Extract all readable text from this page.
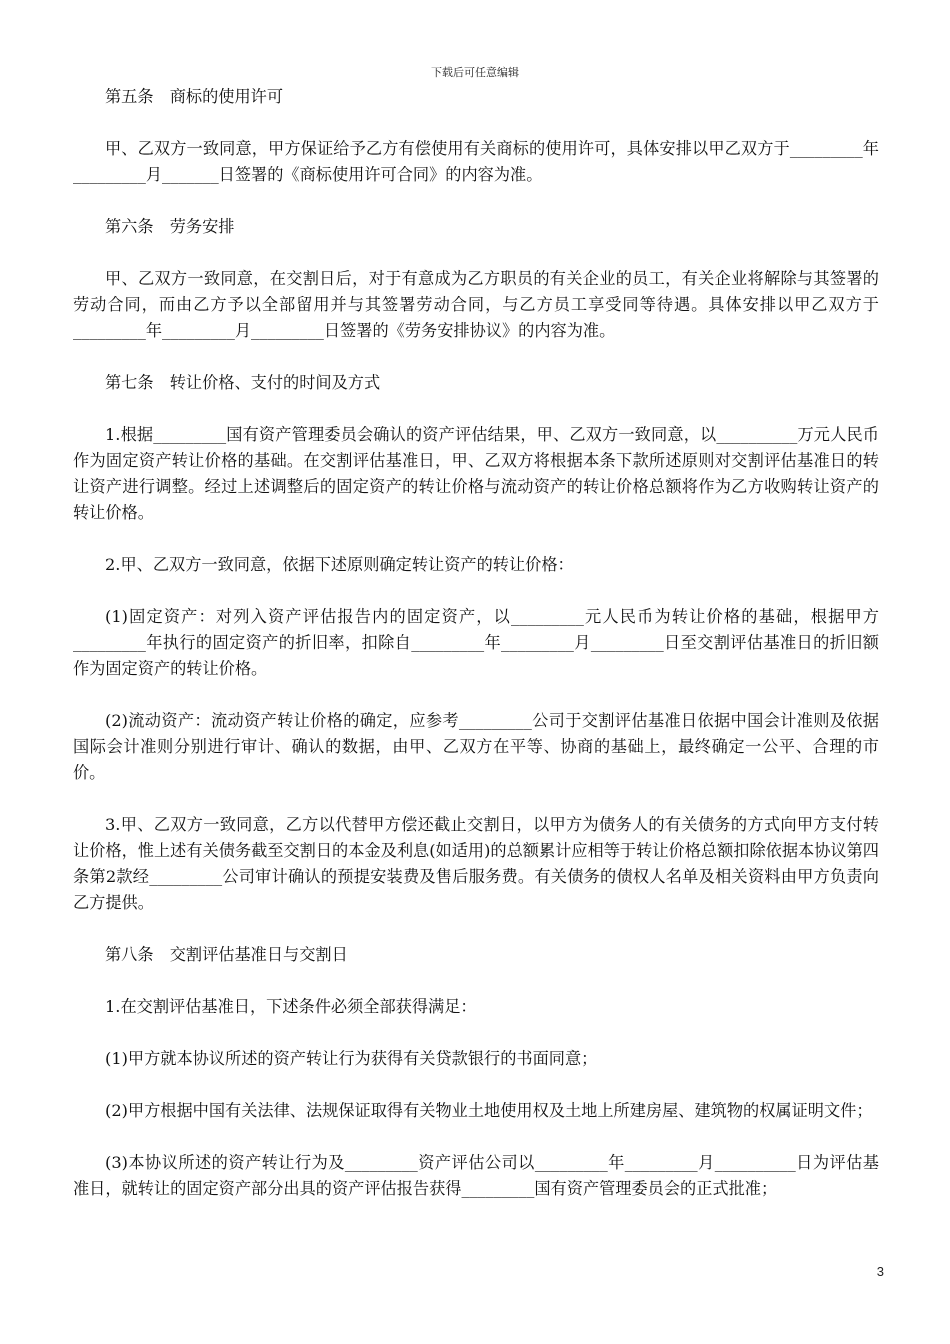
下载后可任意编辑

第五条　商标的使用许可

甲、乙双方一致同意，甲方保证给予乙方有偿使用有关商标的使用许可，具体安排以甲乙双方于_________年_________月_______日签署的《商标使用许可合同》的内容为准。

第六条　劳务安排

甲、乙双方一致同意，在交割日后，对于有意成为乙方职员的有关企业的员工，有关企业将解除与其签署的劳动合同，而由乙方予以全部留用并与其签署劳动合同，与乙方员工享受同等待遇。具体安排以甲乙双方于_________年_________月_________日签署的《劳务安排协议》的内容为准。

第七条　转让价格、支付的时间及方式

1.根据_________国有资产管理委员会确认的资产评估结果，甲、乙双方一致同意，以__________万元人民币作为固定资产转让价格的基础。在交割评估基准日，甲、乙双方将根据本条下款所述原则对交割评估基准日的转让资产进行调整。经过上述调整后的固定资产的转让价格与流动资产的转让价格总额将作为乙方收购转让资产的转让价格。

2.甲、乙双方一致同意，依据下述原则确定转让资产的转让价格：

(1)固定资产：对列入资产评估报告内的固定资产，以_________元人民币为转让价格的基础，根据甲方_________年执行的固定资产的折旧率，扣除自_________年_________月_________日至交割评估基准日的折旧额作为固定资产的转让价格。

(2)流动资产：流动资产转让价格的确定，应参考_________公司于交割评估基准日依据中国会计准则及依据国际会计准则分别进行审计、确认的数据，由甲、乙双方在平等、协商的基础上，最终确定一公平、合理的市价。

3.甲、乙双方一致同意，乙方以代替甲方偿还截止交割日，以甲方为债务人的有关债务的方式向甲方支付转让价格，惟上述有关债务截至交割日的本金及利息(如适用)的总额累计应相等于转让价格总额扣除依据本协议第四条第2款经_________公司审计确认的预提安装费及售后服务费。有关债务的债权人名单及相关资料由甲方负责向乙方提供。

第八条　交割评估基准日与交割日

1.在交割评估基准日，下述条件必须全部获得满足：

(1)甲方就本协议所述的资产转让行为获得有关贷款银行的书面同意；

(2)甲方根据中国有关法律、法规保证取得有关物业土地使用权及土地上所建房屋、建筑物的权属证明文件；

(3)本协议所述的资产转让行为及_________资产评估公司以_________年_________月__________日为评估基准日，就转让的固定资产部分出具的资产评估报告获得_________国有资产管理委员会的正式批准；

3
